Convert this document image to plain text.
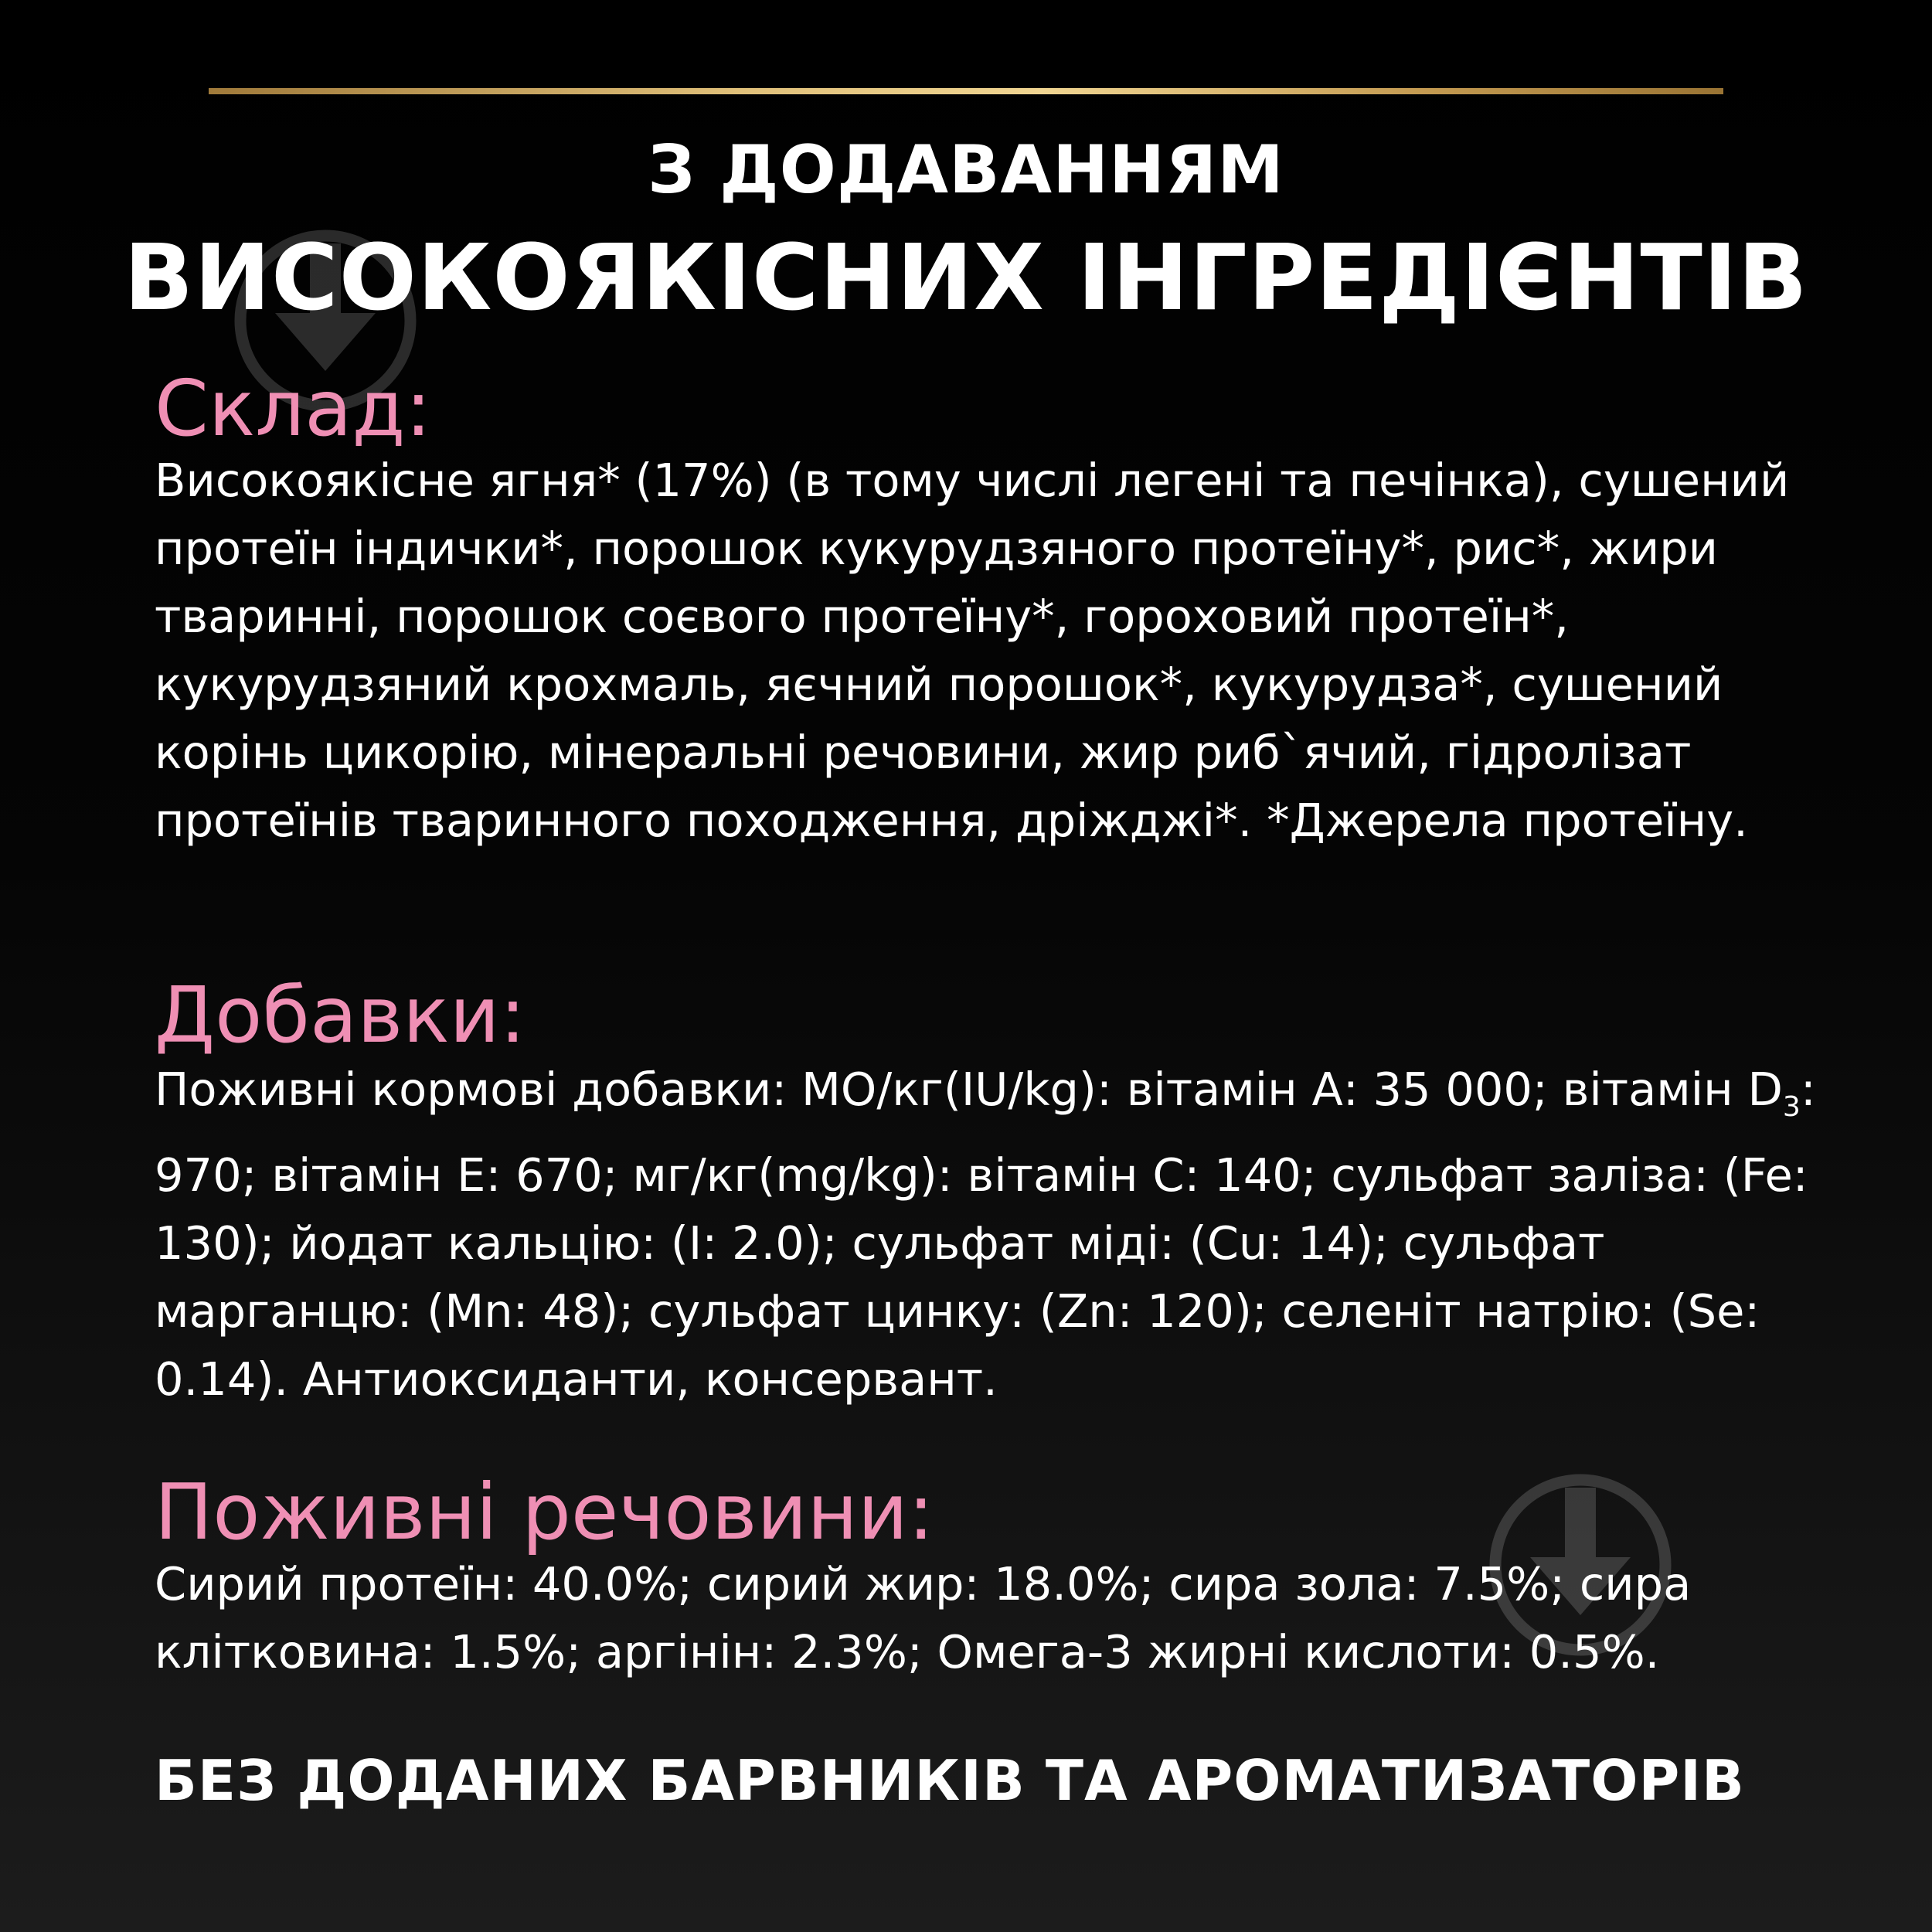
З ДОДАВАННЯМ
ВИСОКОЯКІСНИХ ІНГРЕДІЄНТІВ
Склад:

Високоякісне ягня* (17%) (в тому числі легені та печінка), сушений протеїн індички*, порошок кукурудзяного протеїну*, рис*, жири тваринні, порошок соєвого протеїну*, гороховий протеїн*, кукурудзяний крохмаль, яєчний порошок*, кукурудза*, сушений корінь цикорію, мінеральні речовини, жир риб`ячий, гідролізат протеїнів тваринного походження, дріжджі*. *Джерела протеїну.

Добавки:

Поживні кормові добавки: МО/кг(IU/kg): вітамін А: 35 000; вітамін $D_3$: 970; вітамін Е: 670; мг/кг(mg/kg): вітамін С: 140; сульфат заліза: (Fe: 130); йодат кальцію: (I: 2.0); сульфат міді: (Cu: 14); сульфат марганцю: (Mn: 48); сульфат цинку: (Zn: 120); селеніт натрію: (Se: 0.14). Антиоксиданти, консервант.

Поживні речовини:

Сирий протеїн: 40.0%; сирий жир: 18.0%; сира зола: 7.5%; сира клітковина: 1.5%; аргінін: 2.3%; Омега-3 жирні кислоти: 0.5%.

БЕЗ ДОДАНИХ БАРВНИКІВ ТА АРОМАТИЗАТОРІВ
